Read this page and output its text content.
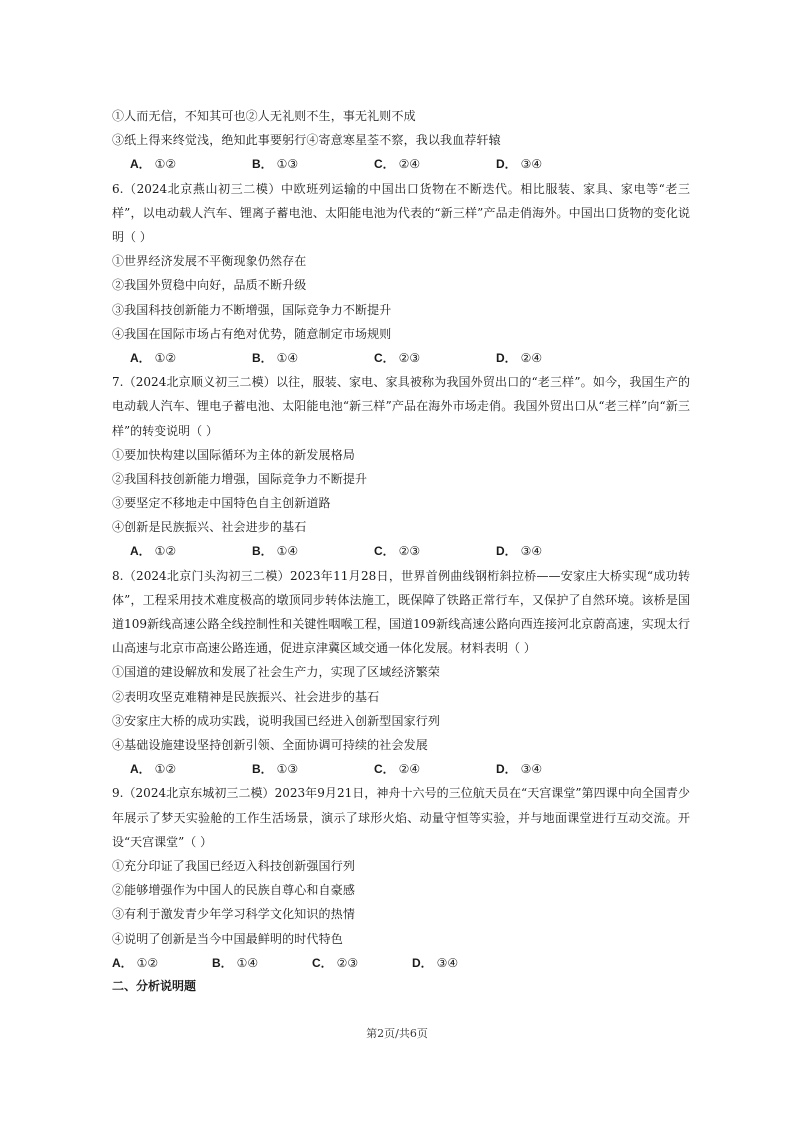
①人而无信，不知其可也②人无礼则不生，事无礼则不成
③纸上得来终觉浅，绝知此事要躬行④寄意寒星荃不察，我以我血荐轩辕
A． ①②	B． ①③	C． ②④	D． ③④
6.（2024北京燕山初三二模）中欧班列运输的中国出口货物在不断迭代。相比服装、家具、家电等“老三样”，以电动载人汽车、锂离子蓄电池、太阳能电池为代表的“新三样”产品走俏海外。中国出口货物的变化说明（ ）
①世界经济发展不平衡现象仍然存在
②我国外贸稳中向好，品质不断升级
③我国科技创新能力不断增强，国际竞争力不断提升
④我国在国际市场占有绝对优势，随意制定市场规则
A． ①②	B． ①④	C． ②③	D． ②④
7.（2024北京顺义初三二模）以往，服装、家电、家具被称为我国外贸出口的“老三样”。如今，我国生产的电动载人汽车、锂电子蓄电池、太阳能电池“新三样”产品在海外市场走俏。我国外贸出口从“老三样”向“新三样”的转变说明（ ）
①要加快构建以国际循环为主体的新发展格局
②我国科技创新能力增强，国际竞争力不断提升
③要坚定不移地走中国特色自主创新道路
④创新是民族振兴、社会进步的基石
A． ①②	B． ①④	C． ②③	D． ③④
8.（2024北京门头沟初三二模）2023年11月28日，世界首例曲线钢桁斜拉桥——安家庄大桥实现“成功转体”，工程采用技术难度极高的墩顶同步转体法施工，既保障了铁路正常行车，又保护了自然环境。该桥是国道109新线高速公路全线控制性和关键性咽喉工程，国道109新线高速公路向西连接河北京蔚高速，实现太行山高速与北京市高速公路连通，促进京津冀区域交通一体化发展。材料表明（ ）
①国道的建设解放和发展了社会生产力，实现了区域经济繁荣
②表明攻坚克难精神是民族振兴、社会进步的基石
③安家庄大桥的成功实践，说明我国已经进入创新型国家行列
④基础设施建设坚持创新引领、全面协调可持续的社会发展
A． ①②	B． ①③	C． ②④	D． ③④
9.（2024北京东城初三二模）2023年9月21日，神舟十六号的三位航天员在“天宫课堂”第四课中向全国青少年展示了梦天实验舱的工作生活场景，演示了球形火焰、动量守恒等实验，并与地面课堂进行互动交流。开设“天宫课堂”（ ）
①充分印证了我国已经迈入科技创新强国行列
②能够增强作为中国人的民族自尊心和自豪感
③有利于激发青少年学习科学文化知识的热情
④说明了创新是当今中国最鲜明的时代特色
A． ①②	B． ①④	C． ②③	D． ③④
二、分析说明题
第2页/共6页
